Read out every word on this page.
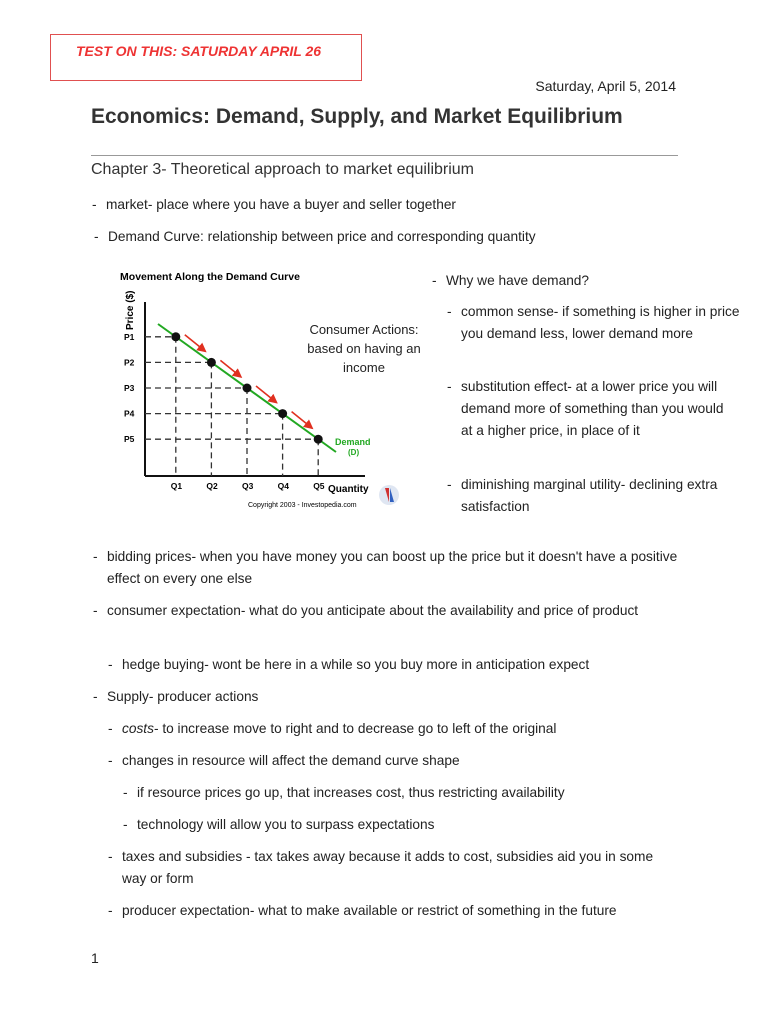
TEST ON THIS: SATURDAY APRIL 26
Saturday, April 5, 2014
Economics: Demand, Supply, and Market Equilibrium
Chapter 3- Theoretical approach to market equilibrium
-
market- place where you have a buyer and seller together
-
Demand Curve: relationship between price and corresponding quantity
Movement Along the Demand Curve
Price ($)
Quantity
P1
P2
P3
P4
P5
Q1	Q2	Q3	Q4	Q5
Demand
(D)
Copyright 2003 - Investopedia.com
Consumer Actions: based on having an income
-
Why we have demand?
-
common sense- if something is higher in price you demand less, lower demand more
-
substitution effect- at a lower price you will demand more of something than you would at a higher price, in place of it
-
diminishing marginal utility- declining extra satisfaction
-
bidding prices- when you have money you can boost up the price but it doesn't have a positive effect on every one else
-
consumer expectation- what do you anticipate about the availability and price of product
-
hedge buying- wont be here in a while so you buy more in anticipation expect
-
Supply- producer actions
-
costs- to increase move to right and to decrease go to left of the original
-
changes in resource will affect the demand curve shape
-
if resource prices go up, that increases cost, thus restricting availability
-
technology will allow you to surpass expectations
-
taxes and subsidies - tax takes away because it adds to cost, subsidies aid you in some way or form
-
producer expectation- what to make available or restrict of something in the future
1
